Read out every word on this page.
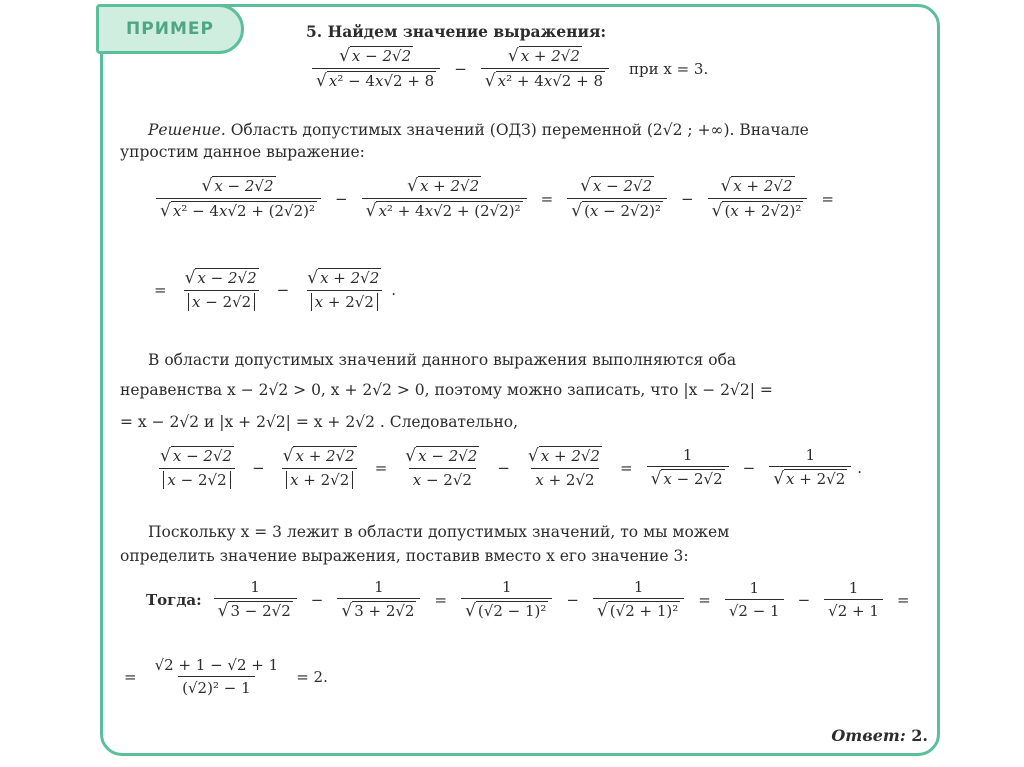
ПРИМЕР	5. Найдем значение выражения:
$\frac{√ x - 2√2}{\text{√ x² − 4x√2 + 8}} - \frac{√ x + 2√2}{\text{√ x² + 4x√2 + 8}}$ при x = 3.
Решение. Область допустимых значений (ОДЗ) переменной (2√2 ; +∞). Вначале
упростим данное выражение:
$\frac{√ x - 2√2}{\text{√ x² − 4x√2 + (2√2)²}} - \frac{√ x + 2√2}{\text{√ x² + 4x√2 + (2√2)²}} = \frac{√ x - 2√2}{\text{√ (x − 2√2)²}} - \frac{√ x + 2√2}{\text{√ (x + 2√2)²}}$ =
= $\frac{√ x - 2√2}{x - 2√2} - \frac{√ x + 2√2}{x + 2√2}$ .
В области допустимых значений данного выражения выполняются оба
неравенства x − 2√2 > 0, x + 2√2 > 0, поэтому можно записать, что |x − 2√2| =
= x − 2√2 и |x + 2√2| = x + 2√2 . Следовательно,
$\frac{√ x - 2√2}{x - 2√2} - \frac{√ x + 2√2}{x + 2√2} = \frac{√ x - 2√2}{x - 2√2} - \frac{√ x + 2√2}{x + 2√2} = \frac{1}{√ x - 2√2} - \frac{1}{√ x + 2√2}$ .
Поскольку x = 3 лежит в области допустимых значений, то мы можем
определить значение выражения, поставив вместо x его значение 3:
Тогда: $\frac{1}{√ 3 - 2√2} - \frac{1}{√ 3 + 2√2} = \frac{1}{\text{√ (√2 − 1)²}} - \frac{1}{\text{√ (√2 + 1)²}} = \frac{1}{√2 - 1} - \frac{1}{√2 + 1}$ =
= $\frac{√2 + 1 - √2 + 1}{\text{(√2)² − 1}} = 2$.
Ответ: 2.
